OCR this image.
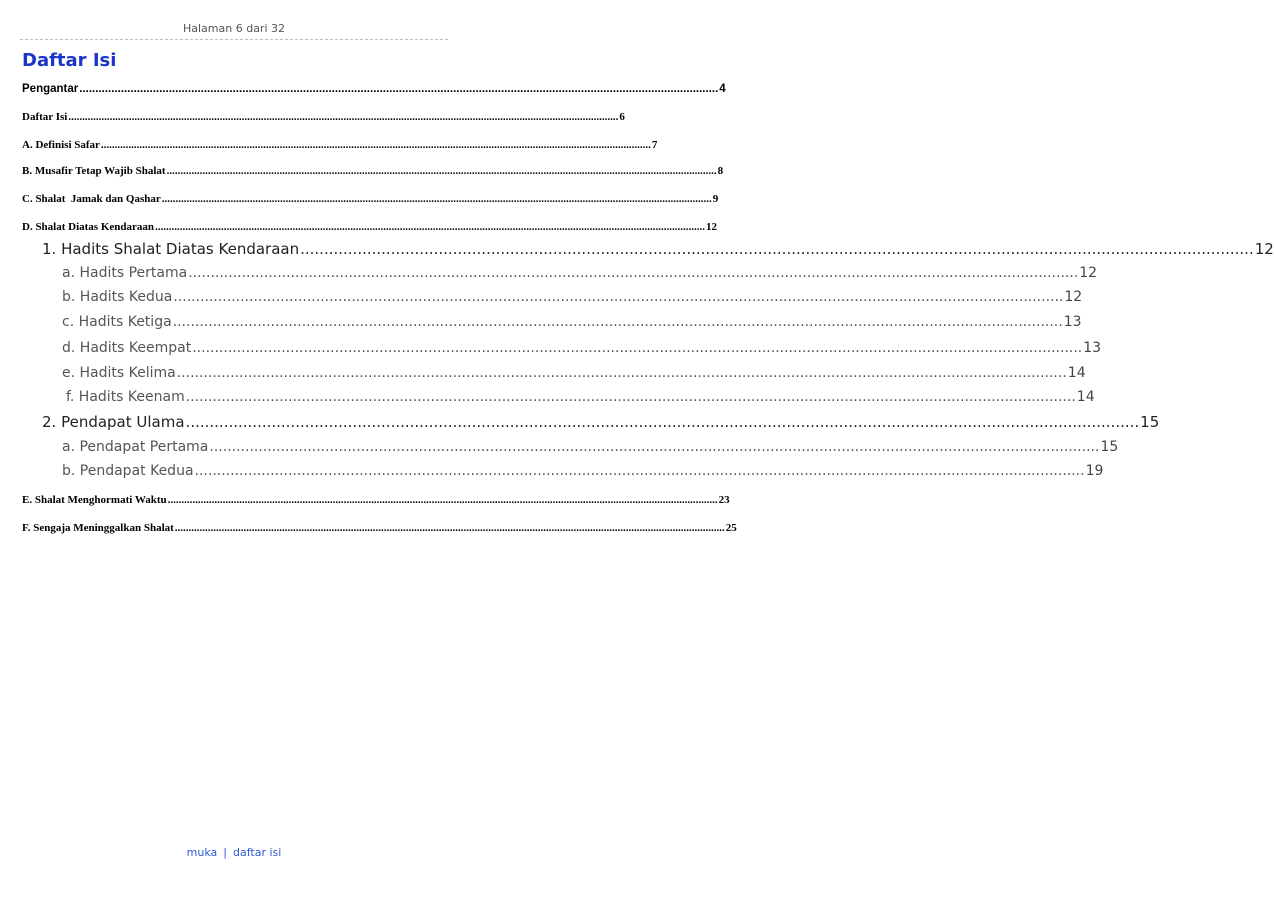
Halaman 6 dari 32
Daftar Isi
Pengantar ........................................................................................................................................................................................................ 4
Daftar Isi ........................................................................................................................................................................................................ 6
A. Definisi Safar ........................................................................................................................................................................................................ 7
B. Musafir Tetap Wajib Shalat ........................................................................................................................................................................................................ 8
C. Shalat  Jamak dan Qashar ........................................................................................................................................................................................................ 9
D. Shalat Diatas Kendaraan ........................................................................................................................................................................................................ 12
1. Hadits Shalat Diatas Kendaraan ........................................................................................................................................................................................................ 12
a. Hadits Pertama ........................................................................................................................................................................................................ 12
b. Hadits Kedua ........................................................................................................................................................................................................ 12
c. Hadits Ketiga ........................................................................................................................................................................................................ 13
d. Hadits Keempat ........................................................................................................................................................................................................ 13
e. Hadits Kelima ........................................................................................................................................................................................................ 14
f. Hadits Keenam ........................................................................................................................................................................................................ 14
2. Pendapat Ulama ........................................................................................................................................................................................................ 15
a. Pendapat Pertama ........................................................................................................................................................................................................ 15
b. Pendapat Kedua ........................................................................................................................................................................................................ 19
E. Shalat Menghormati Waktu ........................................................................................................................................................................................................ 23
F. Sengaja Meninggalkan Shalat ........................................................................................................................................................................................................ 25
muka | daftar isi
